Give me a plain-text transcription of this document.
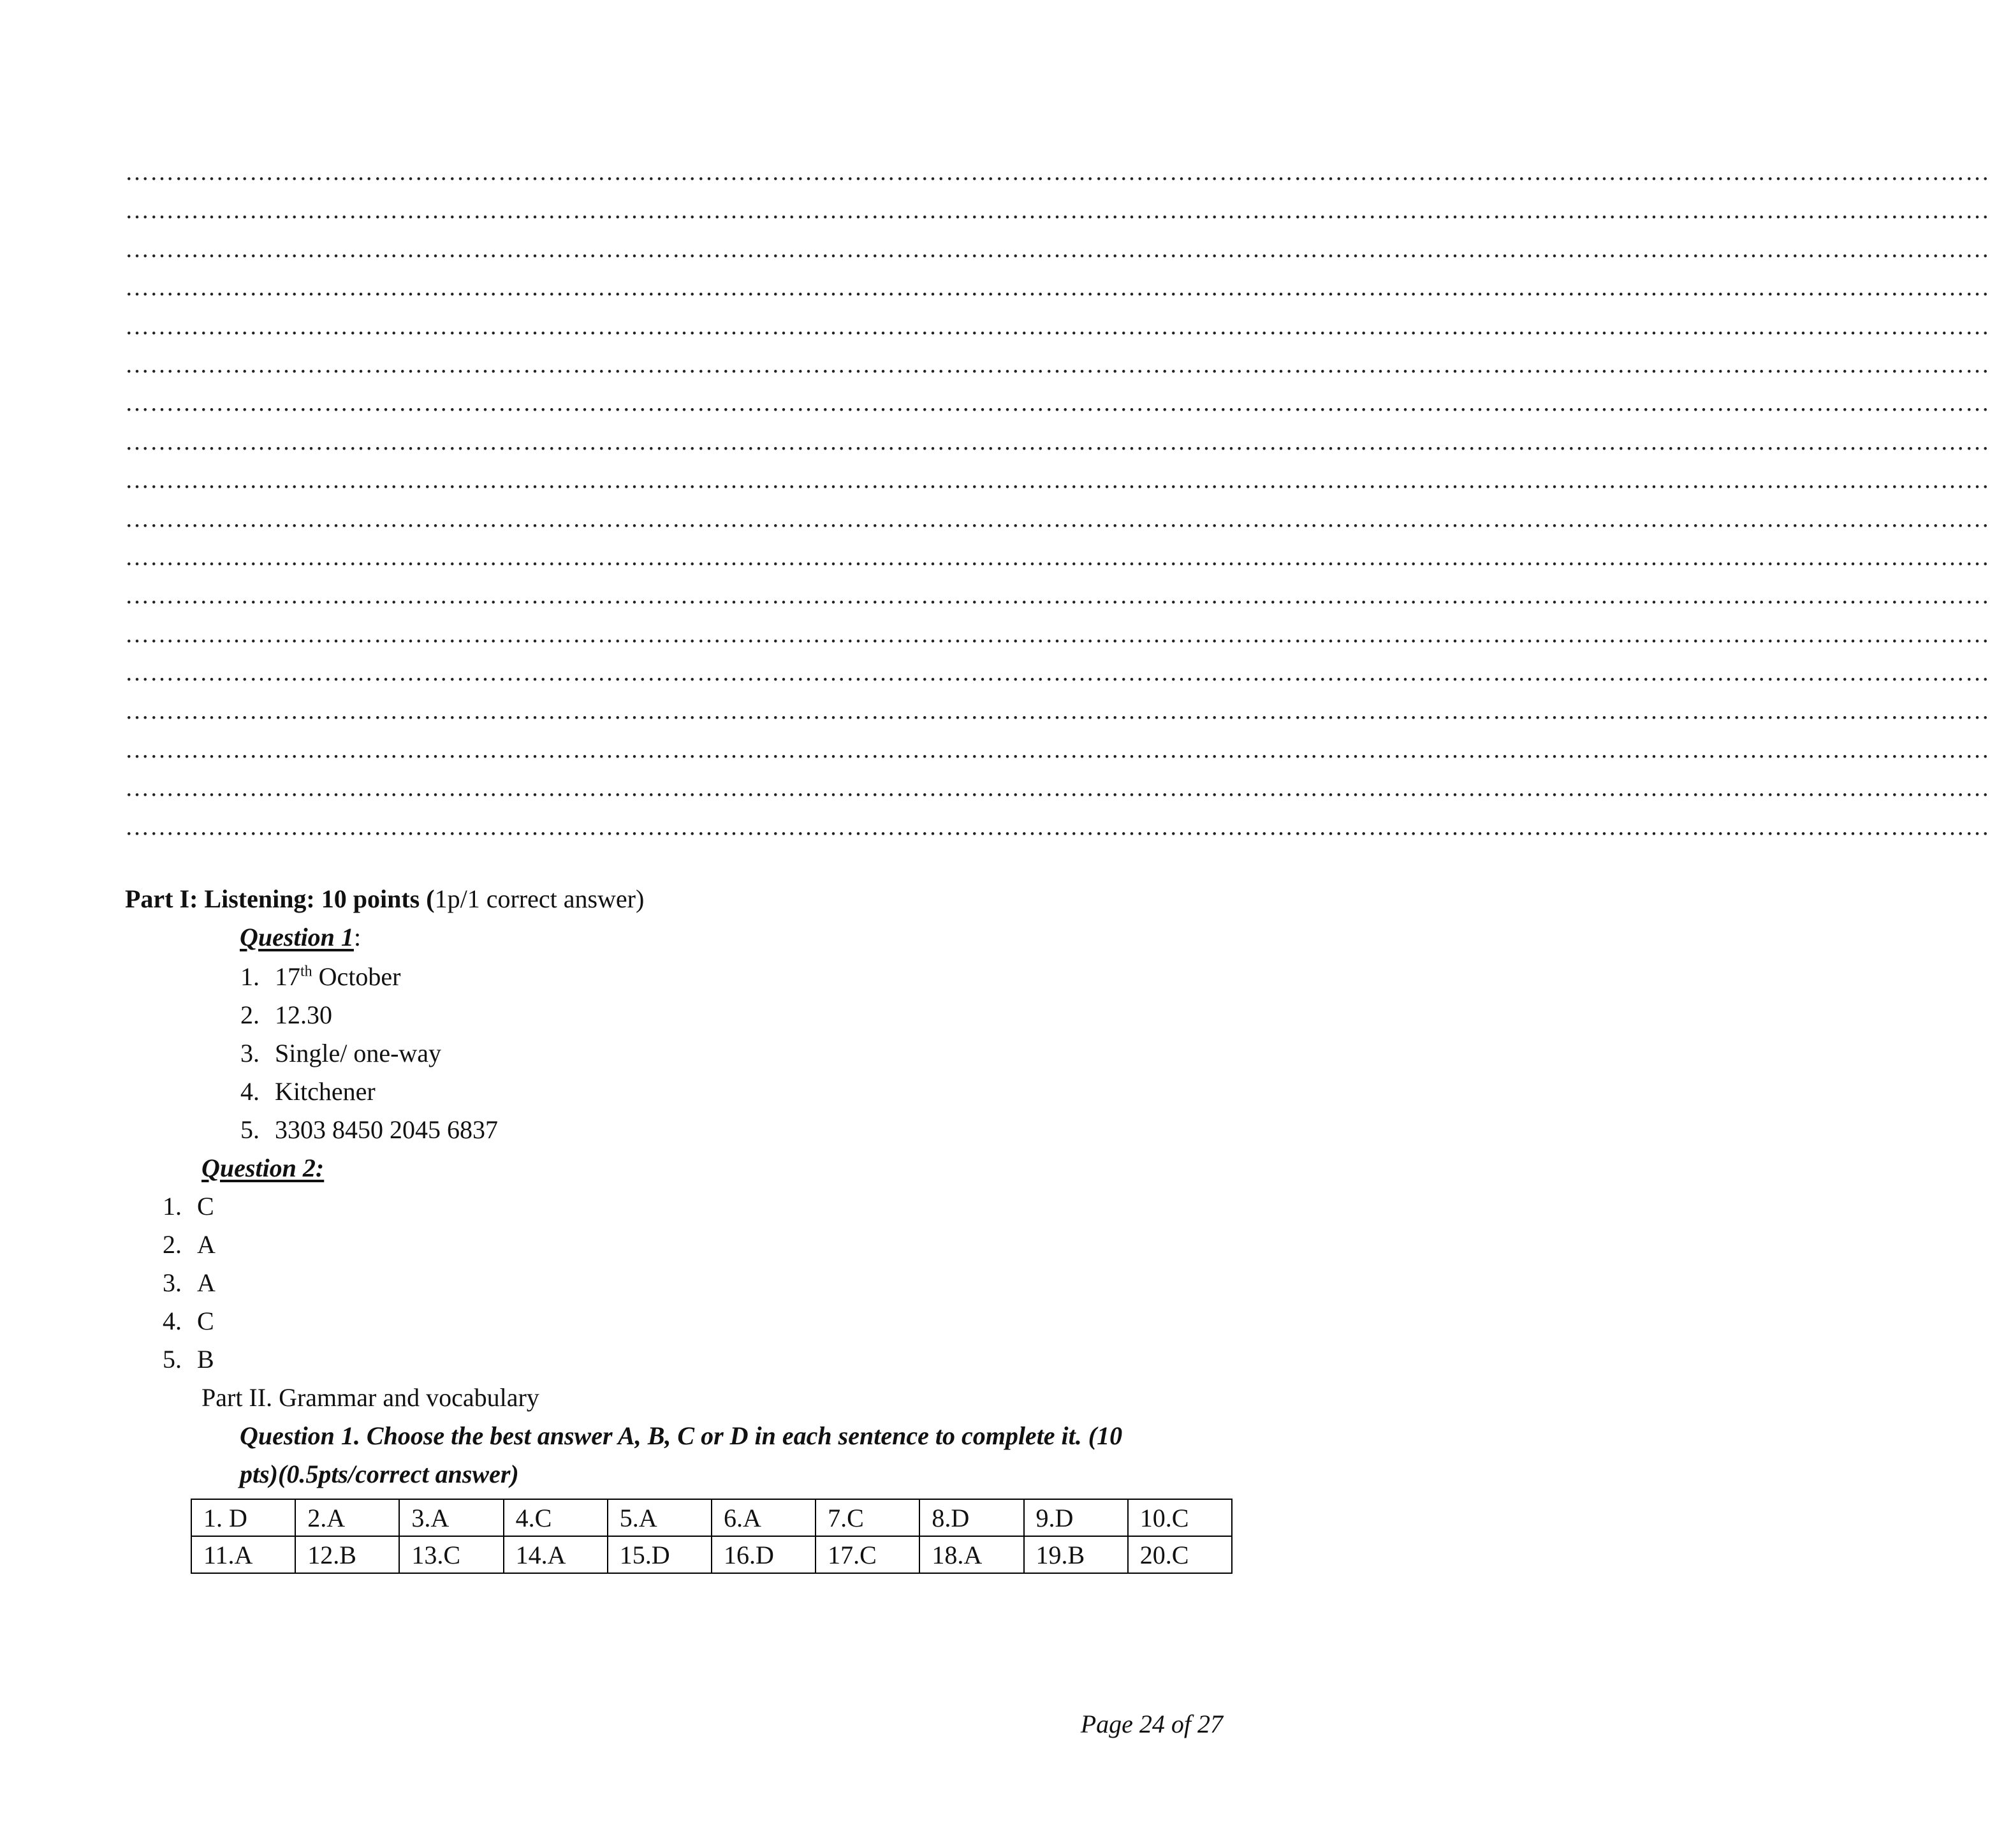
………………………………………………………………………………………………………………………………………………………………………………………………………
………………………………………………………………………………………………………………………………………………………………………………………………………
………………………………………………………………………………………………………………………………………………………………………………………………………
………………………………………………………………………………………………………………………………………………………………………………………………………
………………………………………………………………………………………………………………………………………………………………………………………………………
………………………………………………………………………………………………………………………………………………………………………………………………………
………………………………………………………………………………………………………………………………………………………………………………………………………
………………………………………………………………………………………………………………………………………………………………………………………………………
………………………………………………………………………………………………………………………………………………………………………………………………………
………………………………………………………………………………………………………………………………………………………………………………………………………
………………………………………………………………………………………………………………………………………………………………………………………………………
………………………………………………………………………………………………………………………………………………………………………………………………………
………………………………………………………………………………………………………………………………………………………………………………………………………
………………………………………………………………………………………………………………………………………………………………………………………………………
………………………………………………………………………………………………………………………………………………………………………………………………………
………………………………………………………………………………………………………………………………………………………………………………………………………
………………………………………………………………………………………………………………………………………………………………………………………………………
………………………………………………………………………………………………………………………………………………………………………………………………………
Part I: Listening: 10 points (1p/1 correct answer)
Question 1:
1. 17th October
2. 12.30
3. Single/ one-way
4. Kitchener
5. 3303 8450 2045 6837
Question 2:
1. C
2. A
3. A
4. C
5. B
Part II. Grammar and vocabulary
Question 1. Choose the best answer A, B, C or D in each sentence to complete it. (10
pts)(0.5pts/correct answer)
1. D	2.A	3.A	4.C	5.A	6.A	7.C	8.D	9.D	10.C
11.A	12.B	13.C	14.A	15.D	16.D	17.C	18.A	19.B	20.C
Page 24 of 27
